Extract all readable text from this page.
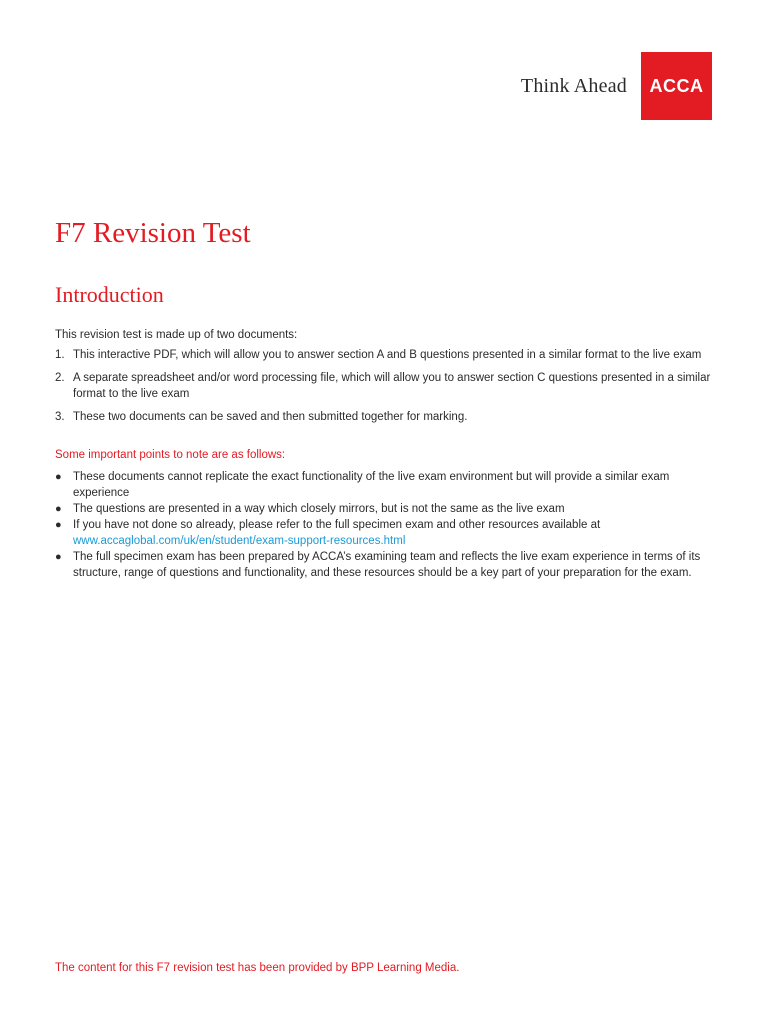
Think Ahead ACCA
F7 Revision Test
Introduction

This revision test is made up of two documents:

1. This interactive PDF, which will allow you to answer section A and B questions presented in a similar format to the live exam
2. A separate spreadsheet and/or word processing file, which will allow you to answer section C questions presented in a similar format to the live exam
3. These two documents can be saved and then submitted together for marking.

Some important points to note are as follows:

● These documents cannot replicate the exact functionality of the live exam environment but will provide a similar exam experience
● The questions are presented in a way which closely mirrors, but is not the same as the live exam
● If you have not done so already, please refer to the full specimen exam and other resources available at
www.accaglobal.com/uk/en/student/exam-support-resources.html
● The full specimen exam has been prepared by ACCA’s examining team and reflects the live exam experience in terms of its structure, range of questions and functionality, and these resources should be a key part of your preparation for the exam.
The content for this F7 revision test has been provided by BPP Learning Media.
